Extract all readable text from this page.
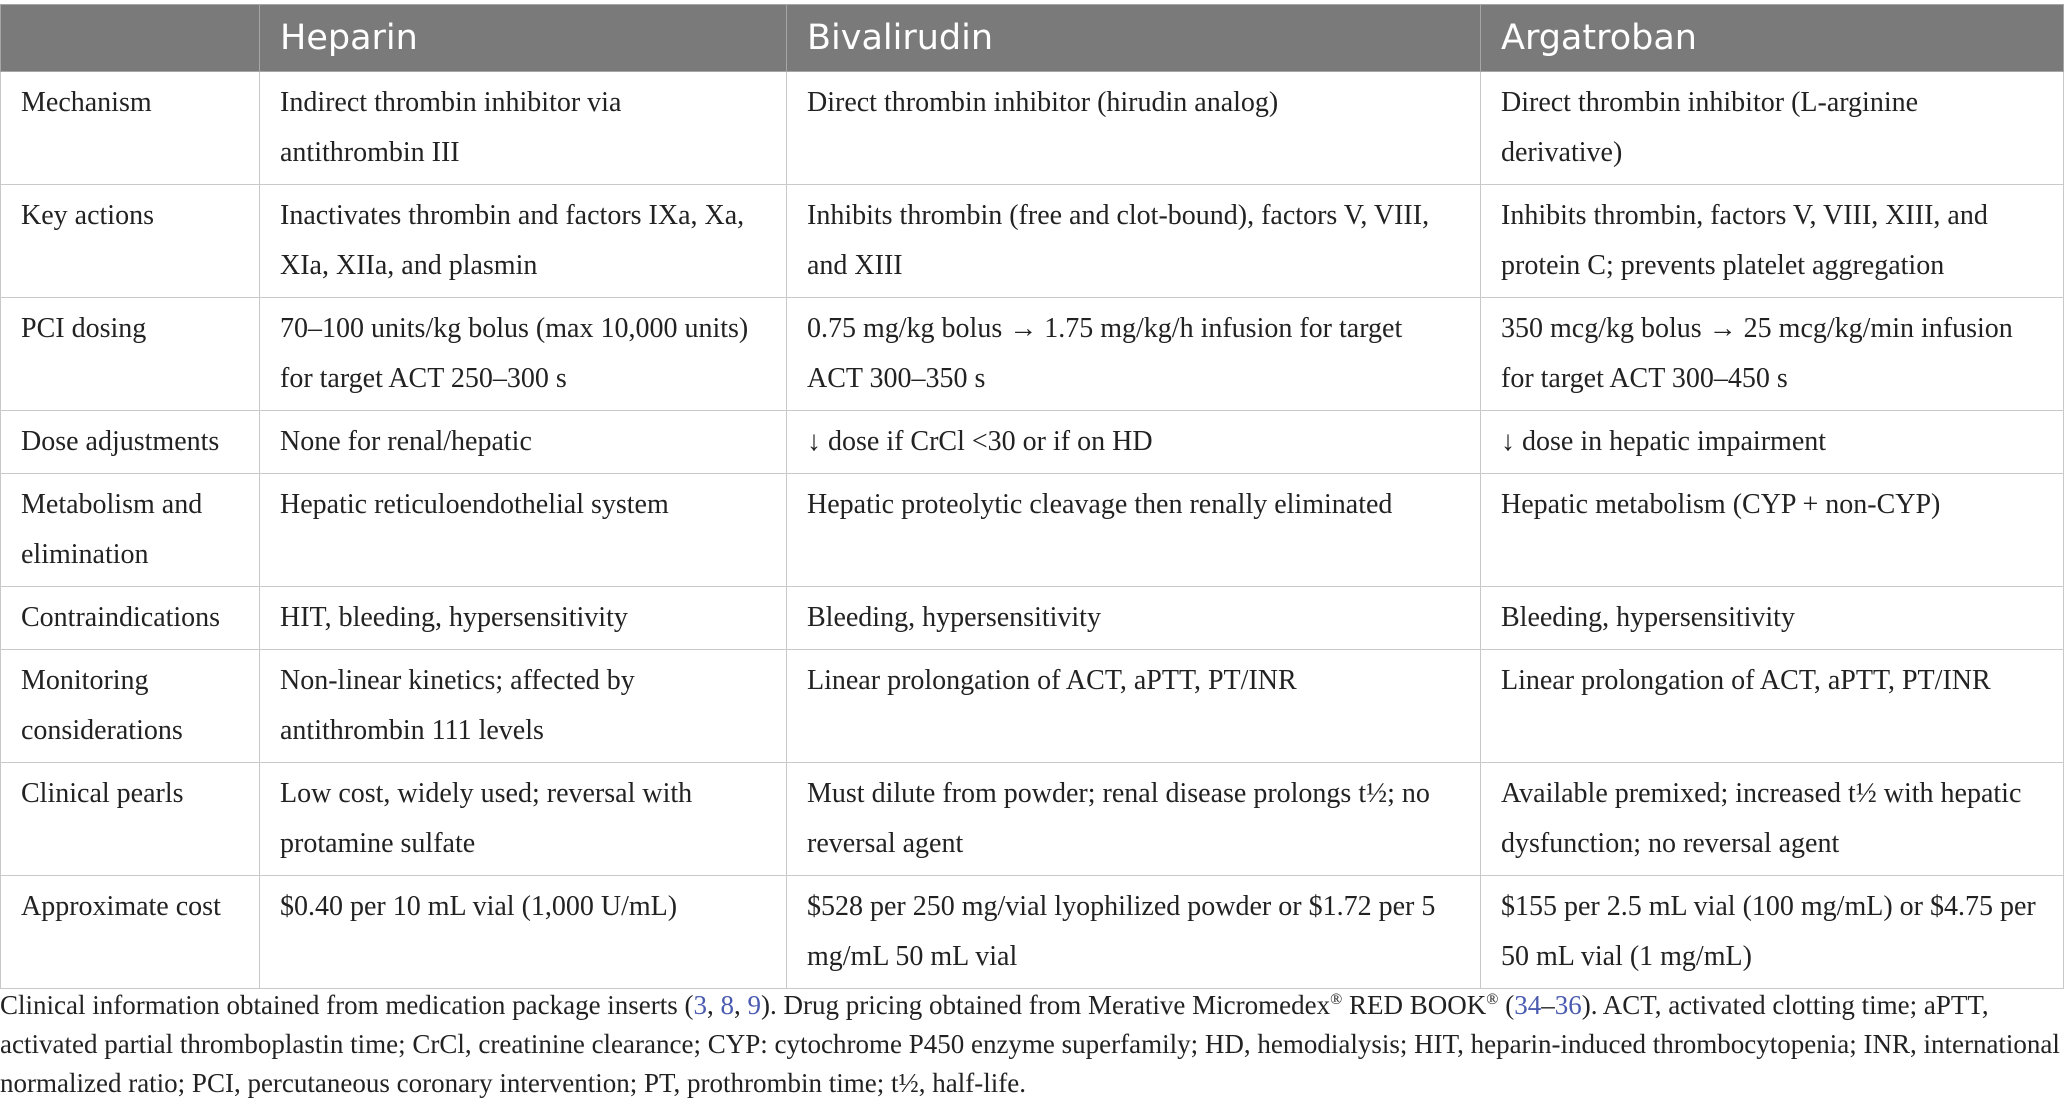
	Heparin	Bivalirudin	Argatroban
Mechanism	Indirect thrombin inhibitor via antithrombin III	Direct thrombin inhibitor (hirudin analog)	Direct thrombin inhibitor (L-arginine derivative)
Key actions	Inactivates thrombin and factors IXa, Xa, XIa, XIIa, and plasmin	Inhibits thrombin (free and clot-bound), factors V, VIII, and XIII	Inhibits thrombin, factors V, VIII, XIII, and protein C; prevents platelet aggregation
PCI dosing	70–100 units/kg bolus (max 10,000 units) for target ACT 250–300 s	0.75 mg/kg bolus → 1.75 mg/kg/h infusion for target ACT 300–350 s	350 mcg/kg bolus → 25 mcg/kg/min infusion for target ACT 300–450 s
Dose adjustments	None for renal/hepatic	↓ dose if CrCl <30 or if on HD	↓ dose in hepatic impairment
Metabolism and elimination	Hepatic reticuloendothelial system	Hepatic proteolytic cleavage then renally eliminated	Hepatic metabolism (CYP + non-CYP)
Contraindications	HIT, bleeding, hypersensitivity	Bleeding, hypersensitivity	Bleeding, hypersensitivity
Monitoring considerations	Non-linear kinetics; affected by antithrombin 111 levels	Linear prolongation of ACT, aPTT, PT/INR	Linear prolongation of ACT, aPTT, PT/INR
Clinical pearls	Low cost, widely used; reversal with protamine sulfate	Must dilute from powder; renal disease prolongs t½; no reversal agent	Available premixed; increased t½ with hepatic dysfunction; no reversal agent
Approximate cost	$0.40 per 10 mL vial (1,000 U/mL)	$528 per 250 mg/vial lyophilized powder or $1.72 per 5 mg/mL 50 mL vial	$155 per 2.5 mL vial (100 mg/mL) or $4.75 per 50 mL vial (1 mg/mL)
Clinical information obtained from medication package inserts (3, 8, 9). Drug pricing obtained from Merative Micromedex® RED BOOK® (34–36). ACT, activated clotting time; aPTT, activated partial thromboplastin time; CrCl, creatinine clearance; CYP: cytochrome P450 enzyme superfamily; HD, hemodialysis; HIT, heparin-induced thrombocytopenia; INR, international normalized ratio; PCI, percutaneous coronary intervention; PT, prothrombin time; t½, half-life.
